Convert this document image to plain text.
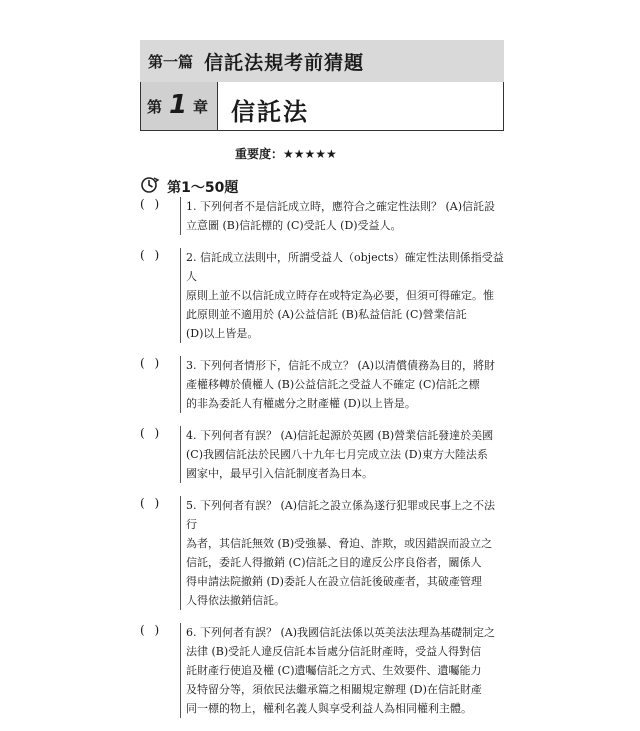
第一篇 信託法規考前猜題
第 1 章 信託法
重要度：★★★★★
第1～50題
( ) 1. 下列何者不是信託成立時，應符合之確定性法則？ (A)信託設
立意圖 (B)信託標的 (C)受託人 (D)受益人。
( ) 2. 信託成立法則中，所謂受益人（objects）確定性法則係指受益人
原則上並不以信託成立時存在或特定為必要，但須可得確定。惟
此原則並不適用於 (A)公益信託 (B)私益信託 (C)營業信託
(D)以上皆是。
( ) 3. 下列何者情形下，信託不成立？ (A)以清償債務為目的，將財
產權移轉於債權人 (B)公益信託之受益人不確定 (C)信託之標
的非為委託人有權處分之財產權 (D)以上皆是。
( ) 4. 下列何者有誤？ (A)信託起源於英國 (B)營業信託發達於美國
(C)我國信託法於民國八十九年七月完成立法 (D)東方大陸法系
國家中，最早引入信託制度者為日本。
( ) 5. 下列何者有誤？ (A)信託之設立係為遂行犯罪或民事上之不法行
為者，其信託無效 (B)受強暴、脅迫、詐欺，或因錯誤而設立之
信託，委託人得撤銷 (C)信託之目的違反公序良俗者，關係人
得申請法院撤銷 (D)委託人在設立信託後破產者，其破產管理
人得依法撤銷信託。
( ) 6. 下列何者有誤？ (A)我國信託法係以英美法法理為基礎制定之
法律 (B)受託人違反信託本旨處分信託財產時，受益人得對信
託財產行使追及權 (C)遺囑信託之方式、生效要件、遺囑能力
及特留分等，須依民法繼承篇之相關規定辦理 (D)在信託財產
同一標的物上，權利名義人與享受利益人為相同權利主體。
